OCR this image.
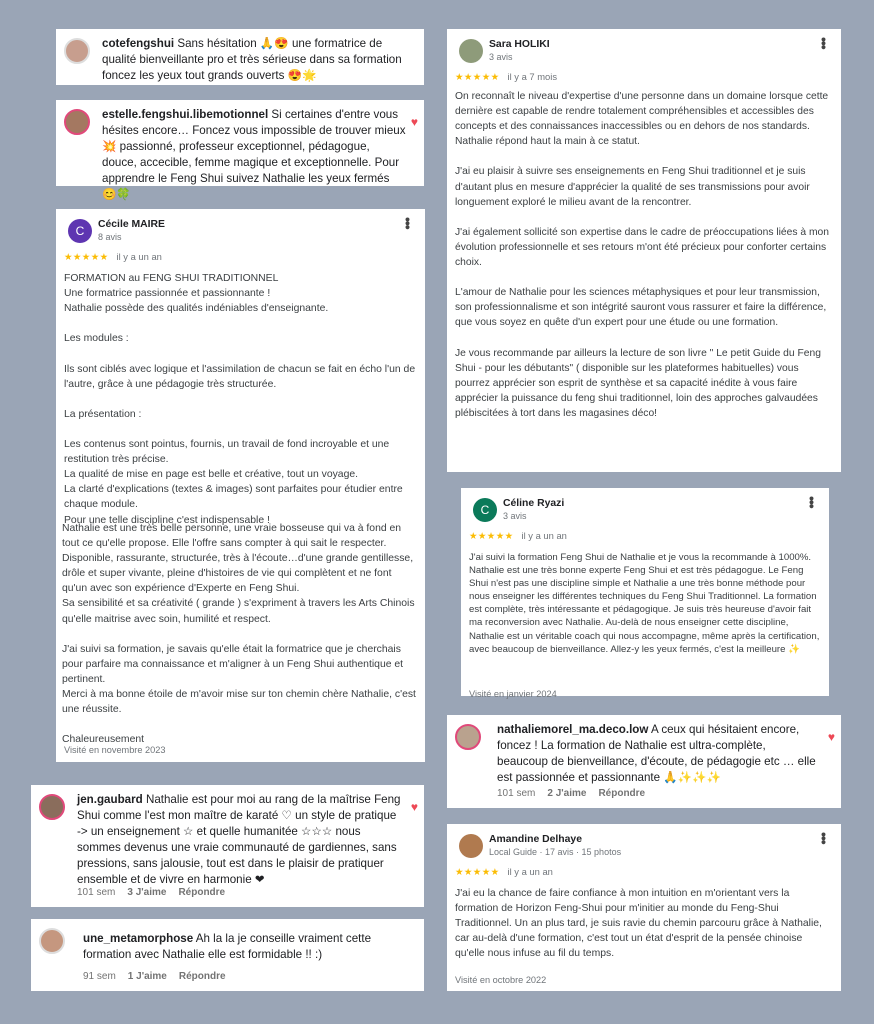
cotefengshui Sans hésitation 🙏😍 une formatrice de qualité bienveillante pro et très sérieuse dans sa formation foncez les yeux tout grands ouverts 😍🌟
estelle.fengshui.libemotionnel Si certaines d'entre vous hésites encore… Foncez vous impossible de trouver mieux 💥 passionné, professeur exceptionnel, pédagogue, douce, accecible, femme magique et exceptionnelle. Pour apprendre le Feng Shui suivez Nathalie les yeux fermés 😊🍀
♥
C	Cécile MAIRE
8 avis
•••
★★★★★ il y a un an
FORMATION au FENG SHUI TRADITIONNEL
Une formatrice passionnée et passionnante !
Nathalie possède des qualités indéniables d'enseignante.

Les modules :

Ils sont ciblés avec logique et l'assimilation de chacun se fait en écho l'un de l'autre, grâce à une pédagogie très structurée.

La présentation :

Les contenus sont pointus, fournis, un travail de fond incroyable et une restitution très précise.
La qualité de mise en page est belle et créative, tout un voyage.
La clarté d'explications (textes & images) sont parfaites pour étudier entre chaque module.
Pour une telle discipline c'est indispensable !
Nathalie est une très belle personne, une vraie bosseuse qui va à fond en tout ce qu'elle propose. Elle l'offre sans compter à qui sait le respecter.
Disponible, rassurante, structurée, très à l'écoute…d'une grande gentillesse, drôle et super vivante, pleine d'histoires de vie qui complètent et ne font qu'un avec son expérience d'Experte en Feng Shui.
Sa sensibilité et sa créativité ( grande ) s'expriment à travers les Arts Chinois qu'elle maitrise avec soin, humilité et respect.

J'ai suivi sa formation, je savais qu'elle était la formatrice que je cherchais pour parfaire ma connaissance et m'aligner à un Feng Shui authentique et pertinent.
Merci à ma bonne étoile de m'avoir mise sur ton chemin chère Nathalie, c'est une réussite.

Chaleureusement
Visité en novembre 2023
jen.gaubard Nathalie est pour moi au rang de la maîtrise Feng Shui comme l'est mon maître de karaté ♡ un style de pratique -> un enseignement ☆ et quelle humanitée ☆☆☆ nous sommes devenus une vraie communauté de gardiennes, sans pressions, sans jalousie, tout est dans le plaisir de pratiquer ensemble et de vivre en harmonie ❤
♥
101 sem 3 J'aime Répondre
une_metamorphose Ah la la je conseille vraiment cette formation avec Nathalie elle est formidable !! :)
91 sem 1 J'aime Répondre
Sara HOLIKI
3 avis
•••
★★★★★ il y a 7 mois
On reconnaît le niveau d'expertise d'une personne dans un domaine lorsque cette dernière est capable de rendre totalement compréhensibles et accessibles des concepts et des connaissances inaccessibles ou en dehors de nos standards.
Nathalie répond haut la main à ce statut.

J'ai eu plaisir à suivre ses enseignements en Feng Shui traditionnel et je suis d'autant plus en mesure d'apprécier la qualité de ses transmissions pour avoir longuement exploré le milieu avant de la rencontrer.

J'ai également sollicité son expertise dans le cadre de préoccupations liées à mon évolution professionnelle et ses retours m'ont été précieux pour conforter certains choix.

L'amour de Nathalie pour les sciences métaphysiques et pour leur transmission, son professionnalisme et son intégrité sauront vous rassurer et faire la différence, que vous soyez en quête d'un expert pour une étude ou une formation.

Je vous recommande par ailleurs la lecture de son livre " Le petit Guide du Feng Shui - pour les débutants" ( disponible sur les plateformes habituelles) vous pourrez apprécier son esprit de synthèse et sa capacité inédite à vous faire apprécier la puissance du feng shui traditionnel, loin des approches galvaudées plébiscitées à tort dans les magasines déco!
C	Céline Ryazi
3 avis
•••
★★★★★ il y a un an
J'ai suivi la formation Feng Shui de Nathalie et je vous la recommande à 1000%. Nathalie est une très bonne experte Feng Shui et est très pédagogue. Le Feng Shui n'est pas une discipline simple et Nathalie a une très bonne méthode pour nous enseigner les différentes techniques du Feng Shui Traditionnel. La formation est complète, très intéressante et pédagogique. Je suis très heureuse d'avoir fait ma reconversion avec Nathalie. Au-delà de nous enseigner cette discipline, Nathalie est un véritable coach qui nous accompagne, même après la certification, avec beaucoup de bienveillance. Allez-y les yeux fermés, c'est la meilleure ✨
Visité en janvier 2024
nathaliemorel_ma.deco.low A ceux qui hésitaient encore, foncez ! La formation de Nathalie est ultra-complète, beaucoup de bienveillance, d'écoute, de pédagogie etc … elle est passionnée et passionnante 🙏✨✨✨
♥
101 sem 2 J'aime Répondre
Amandine Delhaye
Local Guide · 17 avis · 15 photos
•••
★★★★★ il y a un an
J'ai eu la chance de faire confiance à mon intuition en m'orientant vers la formation de Horizon Feng-Shui pour m'initier au monde du Feng-Shui Traditionnel. Un an plus tard, je suis ravie du chemin parcouru grâce à Nathalie, car au-delà d'une formation, c'est tout un état d'esprit de la pensée chinoise qu'elle nous infuse au fil du temps.
Visité en octobre 2022
